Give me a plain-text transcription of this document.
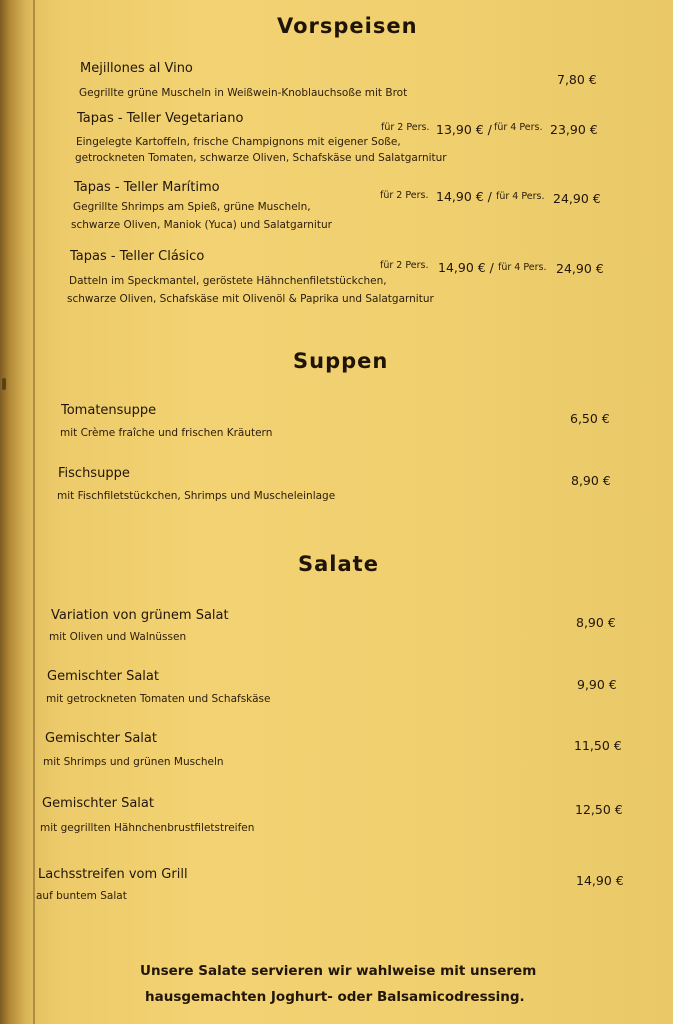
Vorspeisen
Mejillones al Vino
Gegrillte grüne Muscheln in Weißwein-Knoblauchsoße mit Brot
7,80 €
Tapas - Teller Vegetariano
Eingelegte Kartoffeln, frische Champignons mit eigener Soße,
getrockneten Tomaten, schwarze Oliven, Schafskäse und Salatgarnitur
für 2 Pers. 13,90 € / für 4 Pers. 23,90 €
Tapas - Teller Marítimo
Gegrillte Shrimps am Spieß, grüne Muscheln,
schwarze Oliven, Maniok (Yuca) und Salatgarnitur
für 2 Pers. 14,90 € / für 4 Pers. 24,90 €
Tapas - Teller Clásico
Datteln im Speckmantel, geröstete Hähnchenfiletstückchen,
schwarze Oliven, Schafskäse mit Olivenöl & Paprika und Salatgarnitur
für 2 Pers. 14,90 € / für 4 Pers. 24,90 €
Suppen
Tomatensuppe
mit Crème fraîche und frischen Kräutern
6,50 €
Fischsuppe
mit Fischfiletstückchen, Shrimps und Muscheleinlage
8,90 €
Salate
Variation von grünem Salat
mit Oliven und Walnüssen
8,90 €
Gemischter Salat
mit getrockneten Tomaten und Schafskäse
9,90 €
Gemischter Salat
mit Shrimps und grünen Muscheln
11,50 €
Gemischter Salat
mit gegrillten Hähnchenbrustfiletstreifen
12,50 €
Lachsstreifen vom Grill
auf buntem Salat
14,90 €
Unsere Salate servieren wir wahlweise mit unserem
hausgemachten Joghurt- oder Balsamicodressing.
